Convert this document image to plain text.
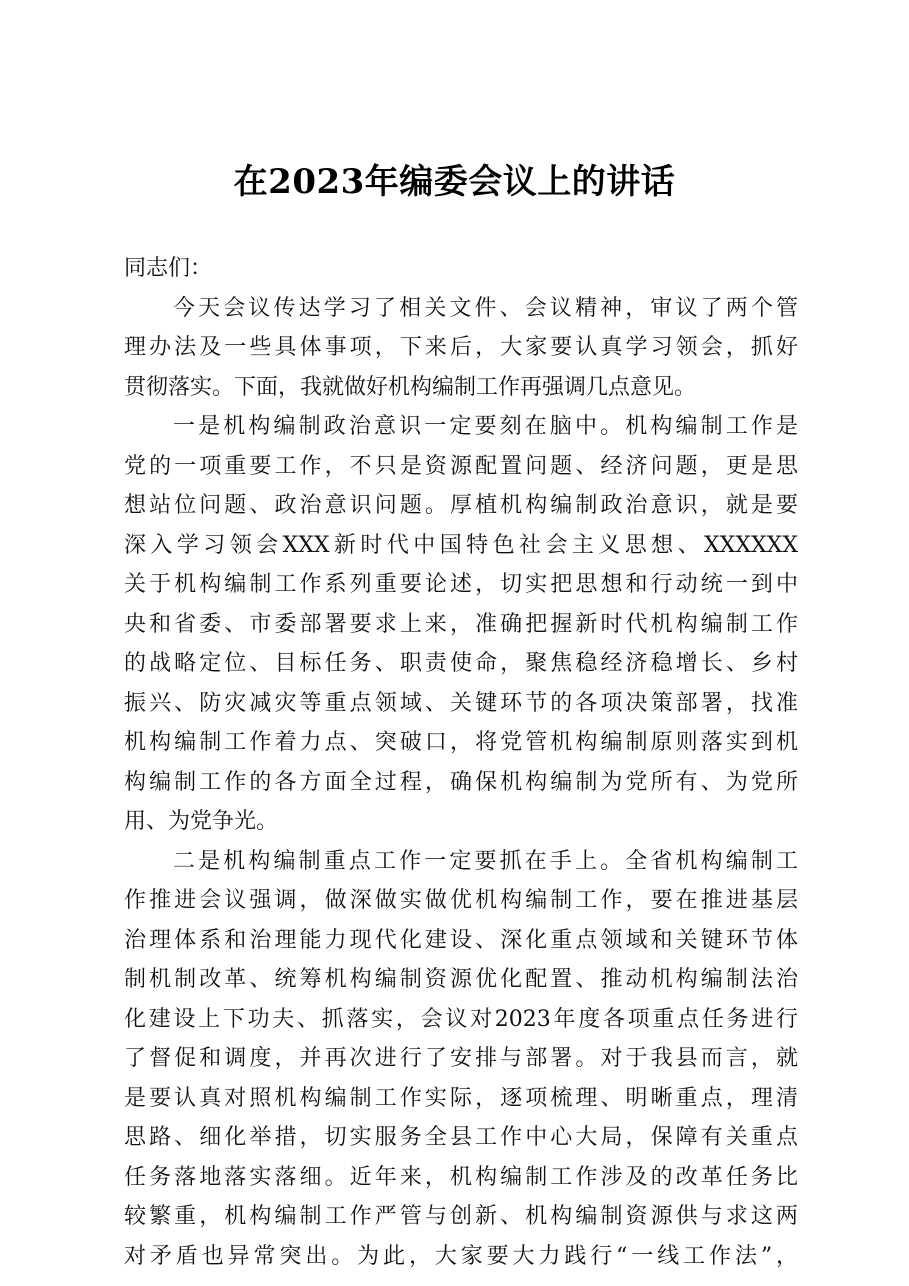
在2023年编委会议上的讲话
同志们：
今天会议传达学习了相关文件、会议精神，审议了两个管
理办法及一些具体事项，下来后，大家要认真学习领会，抓好
贯彻落实。下面，我就做好机构编制工作再强调几点意见。
一是机构编制政治意识一定要刻在脑中。机构编制工作是
党的一项重要工作，不只是资源配置问题、经济问题，更是思
想站位问题、政治意识问题。厚植机构编制政治意识，就是要
深入学习领会XXX新时代中国特色社会主义思想、XXXXXX
关于机构编制工作系列重要论述，切实把思想和行动统一到中
央和省委、市委部署要求上来，准确把握新时代机构编制工作
的战略定位、目标任务、职责使命，聚焦稳经济稳增长、乡村
振兴、防灾减灾等重点领域、关键环节的各项决策部署，找准
机构编制工作着力点、突破口，将党管机构编制原则落实到机
构编制工作的各方面全过程，确保机构编制为党所有、为党所
用、为党争光。
二是机构编制重点工作一定要抓在手上。全省机构编制工
作推进会议强调，做深做实做优机构编制工作，要在推进基层
治理体系和治理能力现代化建设、深化重点领域和关键环节体
制机制改革、统筹机构编制资源优化配置、推动机构编制法治
化建设上下功夫、抓落实，会议对2023年度各项重点任务进行
了督促和调度，并再次进行了安排与部署。对于我县而言，就
是要认真对照机构编制工作实际，逐项梳理、明晰重点，理清
思路、细化举措，切实服务全县工作中心大局，保障有关重点
任务落地落实落细。近年来，机构编制工作涉及的改革任务比
较繁重，机构编制工作严管与创新、机构编制资源供与求这两
对矛盾也异常突出。为此，大家要大力践行“一线工作法”，
